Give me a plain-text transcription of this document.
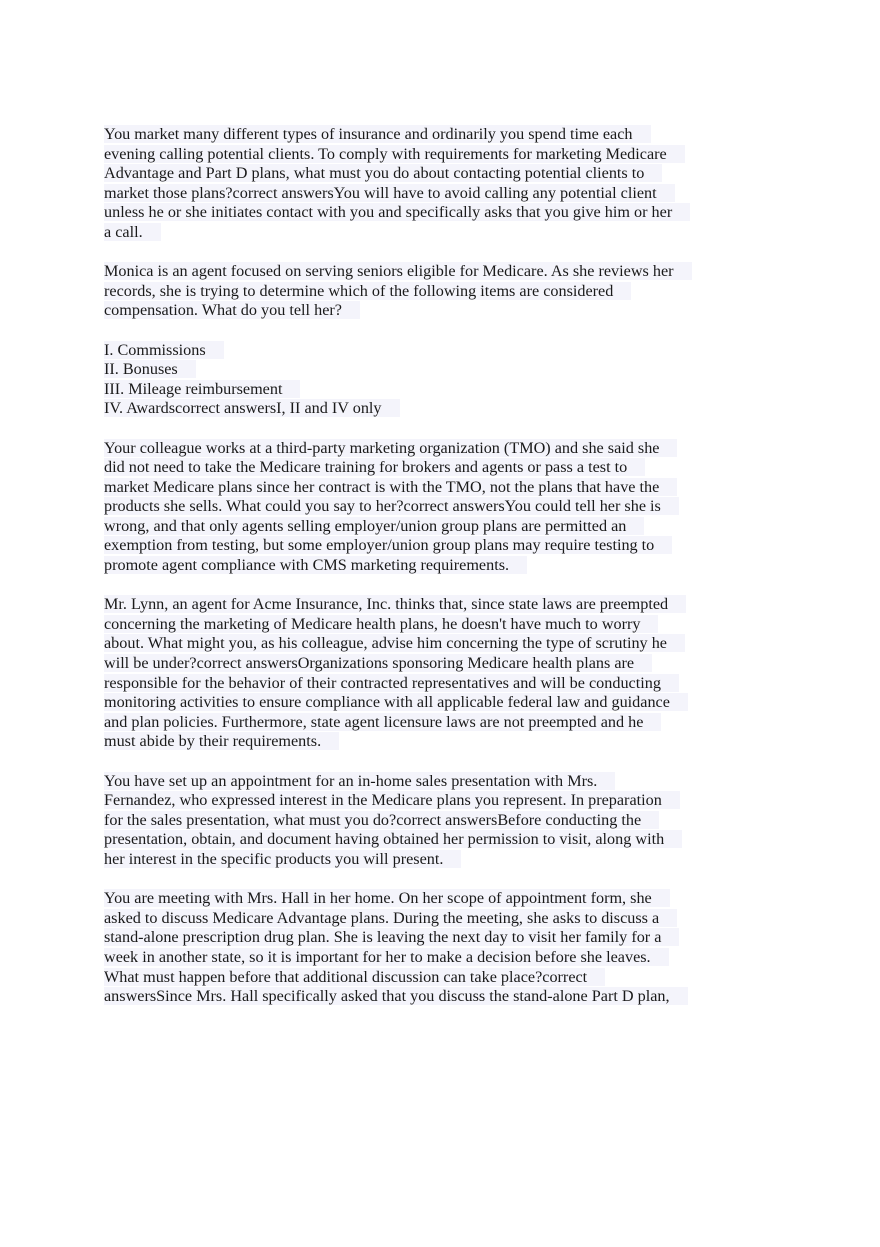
You market many different types of insurance and ordinarily you spend time each
evening calling potential clients. To comply with requirements for marketing Medicare
Advantage and Part D plans, what must you do about contacting potential clients to
market those plans?correct answersYou will have to avoid calling any potential client
unless he or she initiates contact with you and specifically asks that you give him or her
a call.
Monica is an agent focused on serving seniors eligible for Medicare. As she reviews her
records, she is trying to determine which of the following items are considered
compensation. What do you tell her?
I. Commissions
II. Bonuses
III. Mileage reimbursement
IV. Awardscorrect answersI, II and IV only
Your colleague works at a third-party marketing organization (TMO) and she said she
did not need to take the Medicare training for brokers and agents or pass a test to
market Medicare plans since her contract is with the TMO, not the plans that have the
products she sells. What could you say to her?correct answersYou could tell her she is
wrong, and that only agents selling employer/union group plans are permitted an
exemption from testing, but some employer/union group plans may require testing to
promote agent compliance with CMS marketing requirements.
Mr. Lynn, an agent for Acme Insurance, Inc. thinks that, since state laws are preempted
concerning the marketing of Medicare health plans, he doesn't have much to worry
about. What might you, as his colleague, advise him concerning the type of scrutiny he
will be under?correct answersOrganizations sponsoring Medicare health plans are
responsible for the behavior of their contracted representatives and will be conducting
monitoring activities to ensure compliance with all applicable federal law and guidance
and plan policies. Furthermore, state agent licensure laws are not preempted and he
must abide by their requirements.
You have set up an appointment for an in-home sales presentation with Mrs.
Fernandez, who expressed interest in the Medicare plans you represent. In preparation
for the sales presentation, what must you do?correct answersBefore conducting the
presentation, obtain, and document having obtained her permission to visit, along with
her interest in the specific products you will present.
You are meeting with Mrs. Hall in her home. On her scope of appointment form, she
asked to discuss Medicare Advantage plans. During the meeting, she asks to discuss a
stand-alone prescription drug plan. She is leaving the next day to visit her family for a
week in another state, so it is important for her to make a decision before she leaves.
What must happen before that additional discussion can take place?correct
answersSince Mrs. Hall specifically asked that you discuss the stand-alone Part D plan,
